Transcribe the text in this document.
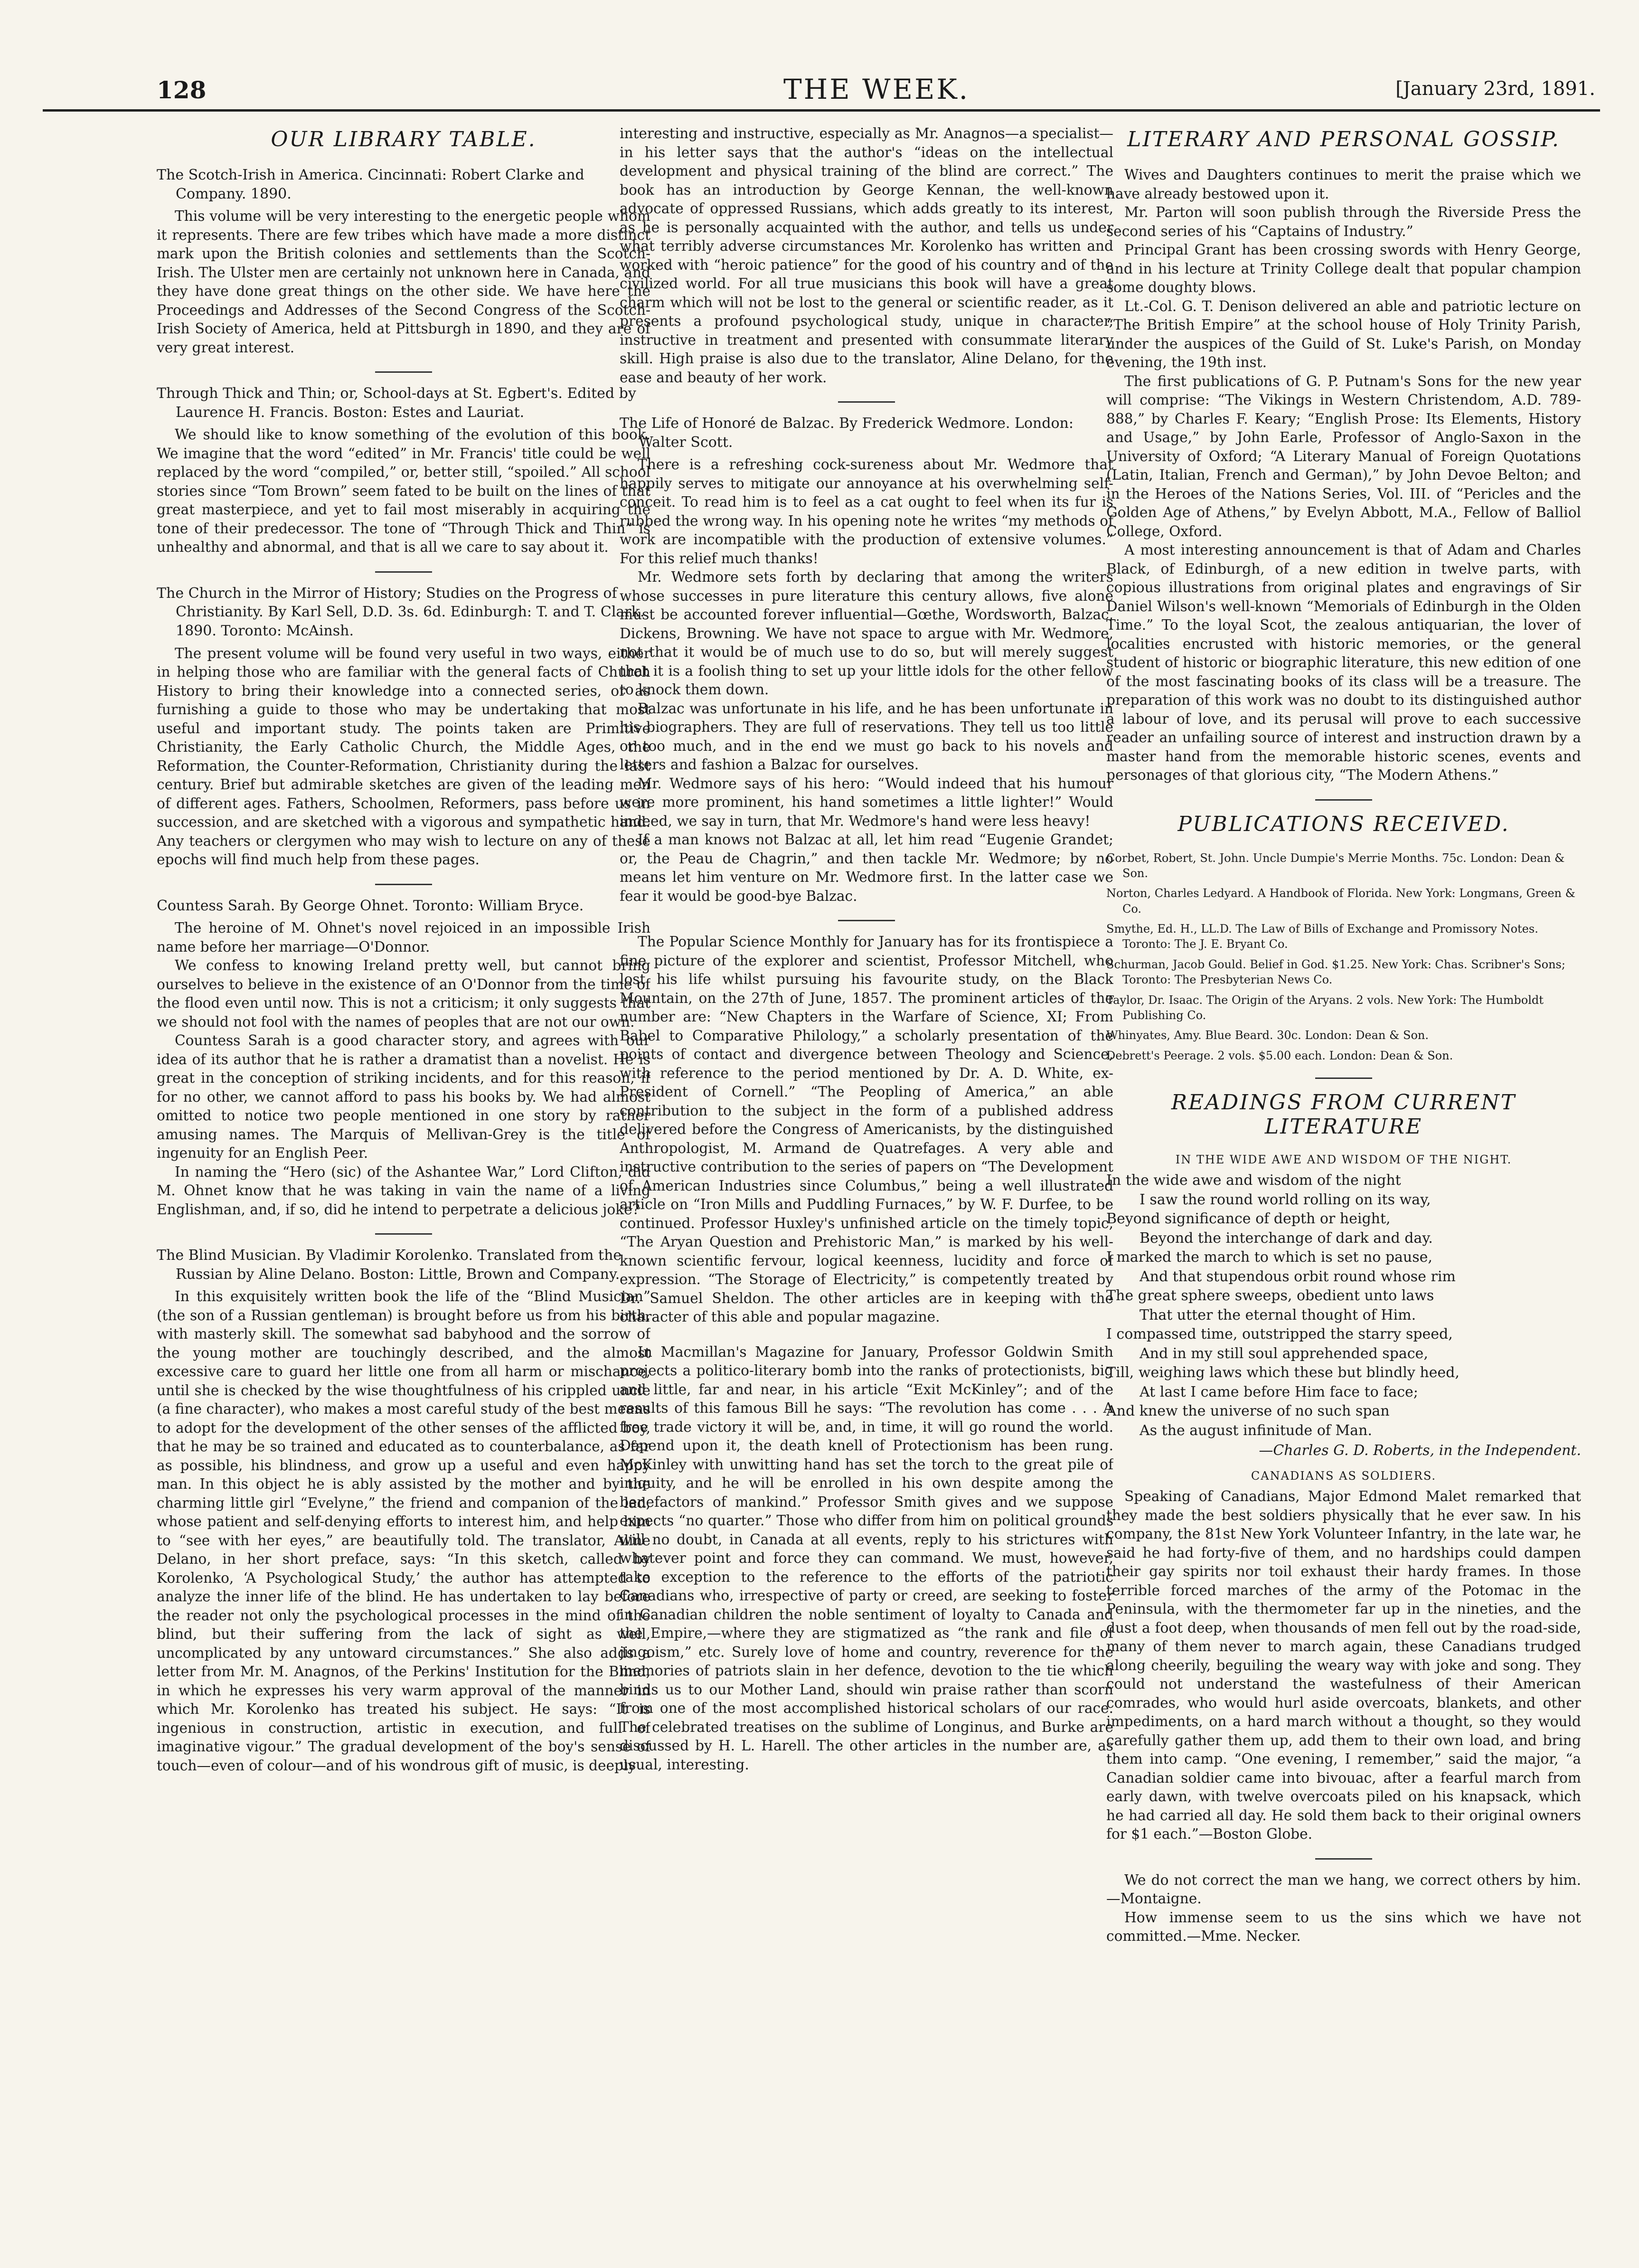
128	THE WEEK.	[January 23rd, 1891.
OUR LIBRARY TABLE.
The Scotch-Irish in America. Cincinnati: Robert Clarke and Company. 1890.

This volume will be very interesting to the energetic people whom it represents. There are few tribes which have made a more distinct mark upon the British colonies and settlements than the Scotch-Irish. The Ulster men are certainly not unknown here in Canada, and they have done great things on the other side. We have here the Proceedings and Addresses of the Second Congress of the Scotch-Irish Society of America, held at Pittsburgh in 1890, and they are of very great interest.

Through Thick and Thin; or, School-days at St. Egbert's. Edited by Laurence H. Francis. Boston: Estes and Lauriat.

We should like to know something of the evolution of this book. We imagine that the word “edited” in Mr. Francis' title could be well replaced by the word “compiled,” or, better still, “spoiled.” All school stories since “Tom Brown” seem fated to be built on the lines of that great masterpiece, and yet to fail most miserably in acquiring the tone of their predecessor. The tone of “Through Thick and Thin” is unhealthy and abnormal, and that is all we care to say about it.

The Church in the Mirror of History; Studies on the Progress of Christianity. By Karl Sell, D.D. 3s. 6d. Edinburgh: T. and T. Clark. 1890. Toronto: McAinsh.

The present volume will be found very useful in two ways, either in helping those who are familiar with the general facts of Church History to bring their knowledge into a connected series, or as furnishing a guide to those who may be undertaking that most useful and important study. The points taken are Primitive Christianity, the Early Catholic Church, the Middle Ages, the Reformation, the Counter-Reformation, Christianity during the last century. Brief but admirable sketches are given of the leading men of different ages. Fathers, Schoolmen, Reformers, pass before us in succession, and are sketched with a vigorous and sympathetic hand. Any teachers or clergymen who may wish to lecture on any of these epochs will find much help from these pages.

Countess Sarah. By George Ohnet. Toronto: William Bryce.

The heroine of M. Ohnet's novel rejoiced in an impossible Irish name before her marriage—O'Donnor.

We confess to knowing Ireland pretty well, but cannot bring ourselves to believe in the existence of an O'Donnor from the time of the flood even until now. This is not a criticism; it only suggests that we should not fool with the names of peoples that are not our own.

Countess Sarah is a good character story, and agrees with our idea of its author that he is rather a dramatist than a novelist. He is great in the conception of striking incidents, and for this reason, if for no other, we cannot afford to pass his books by. We had almost omitted to notice two people mentioned in one story by rather amusing names. The Marquis of Mellivan-Grey is the title of ingenuity for an English Peer.

In naming the “Hero (sic) of the Ashantee War,” Lord Clifton, did M. Ohnet know that he was taking in vain the name of a living Englishman, and, if so, did he intend to perpetrate a delicious joke?

The Blind Musician. By Vladimir Korolenko. Translated from the Russian by Aline Delano. Boston: Little, Brown and Company.

In this exquisitely written book the life of the “Blind Musician” (the son of a Russian gentleman) is brought before us from his birth, with masterly skill. The somewhat sad babyhood and the sorrow of the young mother are touchingly described, and the almost excessive care to guard her little one from all harm or mischance, until she is checked by the wise thoughtfulness of his crippled uncle (a fine character), who makes a most careful study of the best means to adopt for the development of the other senses of the afflicted boy, that he may be so trained and educated as to counterbalance, as far as possible, his blindness, and grow up a useful and even happy man. In this object he is ably assisted by the mother and by the charming little girl “Evelyne,” the friend and companion of the lad, whose patient and self-denying efforts to interest him, and help him to “see with her eyes,” are beautifully told. The translator, Aline Delano, in her short preface, says: “In this sketch, called by Korolenko, ‘A Psychological Study,’ the author has attempted to analyze the inner life of the blind. He has undertaken to lay before the reader not only the psychological processes in the mind of the blind, but their suffering from the lack of sight as well, uncomplicated by any untoward circumstances.” She also adds a letter from Mr. M. Anagnos, of the Perkins' Institution for the Blind, in which he expresses his very warm approval of the manner in which Mr. Korolenko has treated his subject. He says: “It is ingenious in construction, artistic in execution, and full of imaginative vigour.” The gradual development of the boy's sense of touch—even of colour—and of his wondrous gift of music, is deeply

interesting and instructive, especially as Mr. Anagnos—a specialist—in his letter says that the author's “ideas on the intellectual development and physical training of the blind are correct.” The book has an introduction by George Kennan, the well-known advocate of oppressed Russians, which adds greatly to its interest, as he is personally acquainted with the author, and tells us under what terribly adverse circumstances Mr. Korolenko has written and worked with “heroic patience” for the good of his country and of the civilized world. For all true musicians this book will have a great charm which will not be lost to the general or scientific reader, as it presents a profound psychological study, unique in character, instructive in treatment and presented with consummate literary skill. High praise is also due to the translator, Aline Delano, for the ease and beauty of her work.

The Life of Honoré de Balzac. By Frederick Wedmore. London: Walter Scott.

There is a refreshing cock-sureness about Mr. Wedmore that happily serves to mitigate our annoyance at his overwhelming self-conceit. To read him is to feel as a cat ought to feel when its fur is rubbed the wrong way. In his opening note he writes “my methods of work are incompatible with the production of extensive volumes.” For this relief much thanks!

Mr. Wedmore sets forth by declaring that among the writers whose successes in pure literature this century allows, five alone must be accounted forever influential—Gœthe, Wordsworth, Balzac, Dickens, Browning. We have not space to argue with Mr. Wedmore, not that it would be of much use to do so, but will merely suggest that it is a foolish thing to set up your little idols for the other fellow to knock them down.

Balzac was unfortunate in his life, and he has been unfortunate in his biographers. They are full of reservations. They tell us too little or too much, and in the end we must go back to his novels and letters and fashion a Balzac for ourselves.

Mr. Wedmore says of his hero: “Would indeed that his humour were more prominent, his hand sometimes a little lighter!” Would indeed, we say in turn, that Mr. Wedmore's hand were less heavy!

If a man knows not Balzac at all, let him read “Eugenie Grandet; or, the Peau de Chagrin,” and then tackle Mr. Wedmore; by no means let him venture on Mr. Wedmore first. In the latter case we fear it would be good-bye Balzac.

The Popular Science Monthly for January has for its frontispiece a fine picture of the explorer and scientist, Professor Mitchell, who lost his life whilst pursuing his favourite study, on the Black Mountain, on the 27th of June, 1857. The prominent articles of the number are: “New Chapters in the Warfare of Science, XI; From Babel to Comparative Philology,” a scholarly presentation of the points of contact and divergence between Theology and Science, with reference to the period mentioned by Dr. A. D. White, ex-President of Cornell.” “The Peopling of America,” an able contribution to the subject in the form of a published address delivered before the Congress of Americanists, by the distinguished Anthropologist, M. Armand de Quatrefages. A very able and instructive contribution to the series of papers on “The Development of American Industries since Columbus,” being a well illustrated article on “Iron Mills and Puddling Furnaces,” by W. F. Durfee, to be continued. Professor Huxley's unfinished article on the timely topic, “The Aryan Question and Prehistoric Man,” is marked by his well-known scientific fervour, logical keenness, lucidity and force of expression. “The Storage of Electricity,” is competently treated by Dr. Samuel Sheldon. The other articles are in keeping with the character of this able and popular magazine.

In Macmillan's Magazine for January, Professor Goldwin Smith projects a politico-literary bomb into the ranks of protectionists, big and little, far and near, in his article “Exit McKinley”; and of the results of this famous Bill he says: “The revolution has come . . . A free trade victory it will be, and, in time, it will go round the world. Depend upon it, the death knell of Protectionism has been rung. McKinley with unwitting hand has set the torch to the great pile of iniquity, and he will be enrolled in his own despite among the benefactors of mankind.” Professor Smith gives and we suppose expects “no quarter.” Those who differ from him on political grounds will no doubt, in Canada at all events, reply to his strictures with whatever point and force they can command. We must, however, take exception to the reference to the efforts of the patriotic Canadians who, irrespective of party or creed, are seeking to foster in Canadian children the noble sentiment of loyalty to Canada and the Empire,—where they are stigmatized as “the rank and file of jingoism,” etc. Surely love of home and country, reverence for the memories of patriots slain in her defence, devotion to the tie which binds us to our Mother Land, should win praise rather than scorn from one of the most accomplished historical scholars of our race. The celebrated treatises on the sublime of Longinus, and Burke are discussed by H. L. Harell. The other articles in the number are, as usual, interesting.

LITERARY AND PERSONAL GOSSIP.

Wives and Daughters continues to merit the praise which we have already bestowed upon it.

Mr. Parton will soon publish through the Riverside Press the second series of his “Captains of Industry.”

Principal Grant has been crossing swords with Henry George, and in his lecture at Trinity College dealt that popular champion some doughty blows.

Lt.-Col. G. T. Denison delivered an able and patriotic lecture on “The British Empire” at the school house of Holy Trinity Parish, under the auspices of the Guild of St. Luke's Parish, on Monday evening, the 19th inst.

The first publications of G. P. Putnam's Sons for the new year will comprise: “The Vikings in Western Christendom, A.D. 789-888,” by Charles F. Keary; “English Prose: Its Elements, History and Usage,” by John Earle, Professor of Anglo-Saxon in the University of Oxford; “A Literary Manual of Foreign Quotations (Latin, Italian, French and German),” by John Devoe Belton; and in the Heroes of the Nations Series, Vol. III. of “Pericles and the Golden Age of Athens,” by Evelyn Abbott, M.A., Fellow of Balliol College, Oxford.

A most interesting announcement is that of Adam and Charles Black, of Edinburgh, of a new edition in twelve parts, with copious illustrations from original plates and engravings of Sir Daniel Wilson's well-known “Memorials of Edinburgh in the Olden Time.” To the loyal Scot, the zealous antiquarian, the lover of localities encrusted with historic memories, or the general student of historic or biographic literature, this new edition of one of the most fascinating books of its class will be a treasure. The preparation of this work was no doubt to its distinguished author a labour of love, and its perusal will prove to each successive reader an unfailing source of interest and instruction drawn by a master hand from the memorable historic scenes, events and personages of that glorious city, “The Modern Athens.”

PUBLICATIONS RECEIVED.
Corbet, Robert, St. John. Uncle Dumpie's Merrie Months. 75c. London: Dean & Son.
Norton, Charles Ledyard. A Handbook of Florida. New York: Longmans, Green & Co.
Smythe, Ed. H., LL.D. The Law of Bills of Exchange and Promissory Notes. Toronto: The J. E. Bryant Co.
Schurman, Jacob Gould. Belief in God. $1.25. New York: Chas. Scribner's Sons; Toronto: The Presbyterian News Co.
Taylor, Dr. Isaac. The Origin of the Aryans. 2 vols. New York: The Humboldt Publishing Co.
Whinyates, Amy. Blue Beard. 30c. London: Dean & Son.
Debrett's Peerage. 2 vols. $5.00 each. London: Dean & Son.
READINGS FROM CURRENT LITERATURE
IN THE WIDE AWE AND WISDOM OF THE NIGHT.
In the wide awe and wisdom of the night
I saw the round world rolling on its way,
Beyond significance of depth or height,
Beyond the interchange of dark and day.
I marked the march to which is set no pause,
And that stupendous orbit round whose rim
The great sphere sweeps, obedient unto laws
That utter the eternal thought of Him.
I compassed time, outstripped the starry speed,
And in my still soul apprehended space,
Till, weighing laws which these but blindly heed,
At last I came before Him face to face;
And knew the universe of no such span
As the august infinitude of Man.
—Charles G. D. Roberts, in the Independent.
CANADIANS AS SOLDIERS.

Speaking of Canadians, Major Edmond Malet remarked that they made the best soldiers physically that he ever saw. In his company, the 81st New York Volunteer Infantry, in the late war, he said he had forty-five of them, and no hardships could dampen their gay spirits nor toil exhaust their hardy frames. In those terrible forced marches of the army of the Potomac in the Peninsula, with the thermometer far up in the nineties, and the dust a foot deep, when thousands of men fell out by the road-side, many of them never to march again, these Canadians trudged along cheerily, beguiling the weary way with joke and song. They could not understand the wastefulness of their American comrades, who would hurl aside overcoats, blankets, and other impediments, on a hard march without a thought, so they would carefully gather them up, add them to their own load, and bring them into camp. “One evening, I remember,” said the major, “a Canadian soldier came into bivouac, after a fearful march from early dawn, with twelve overcoats piled on his knapsack, which he had carried all day. He sold them back to their original owners for $1 each.”—Boston Globe.

We do not correct the man we hang, we correct others by him.—Montaigne.

How immense seem to us the sins which we have not committed.—Mme. Necker.
